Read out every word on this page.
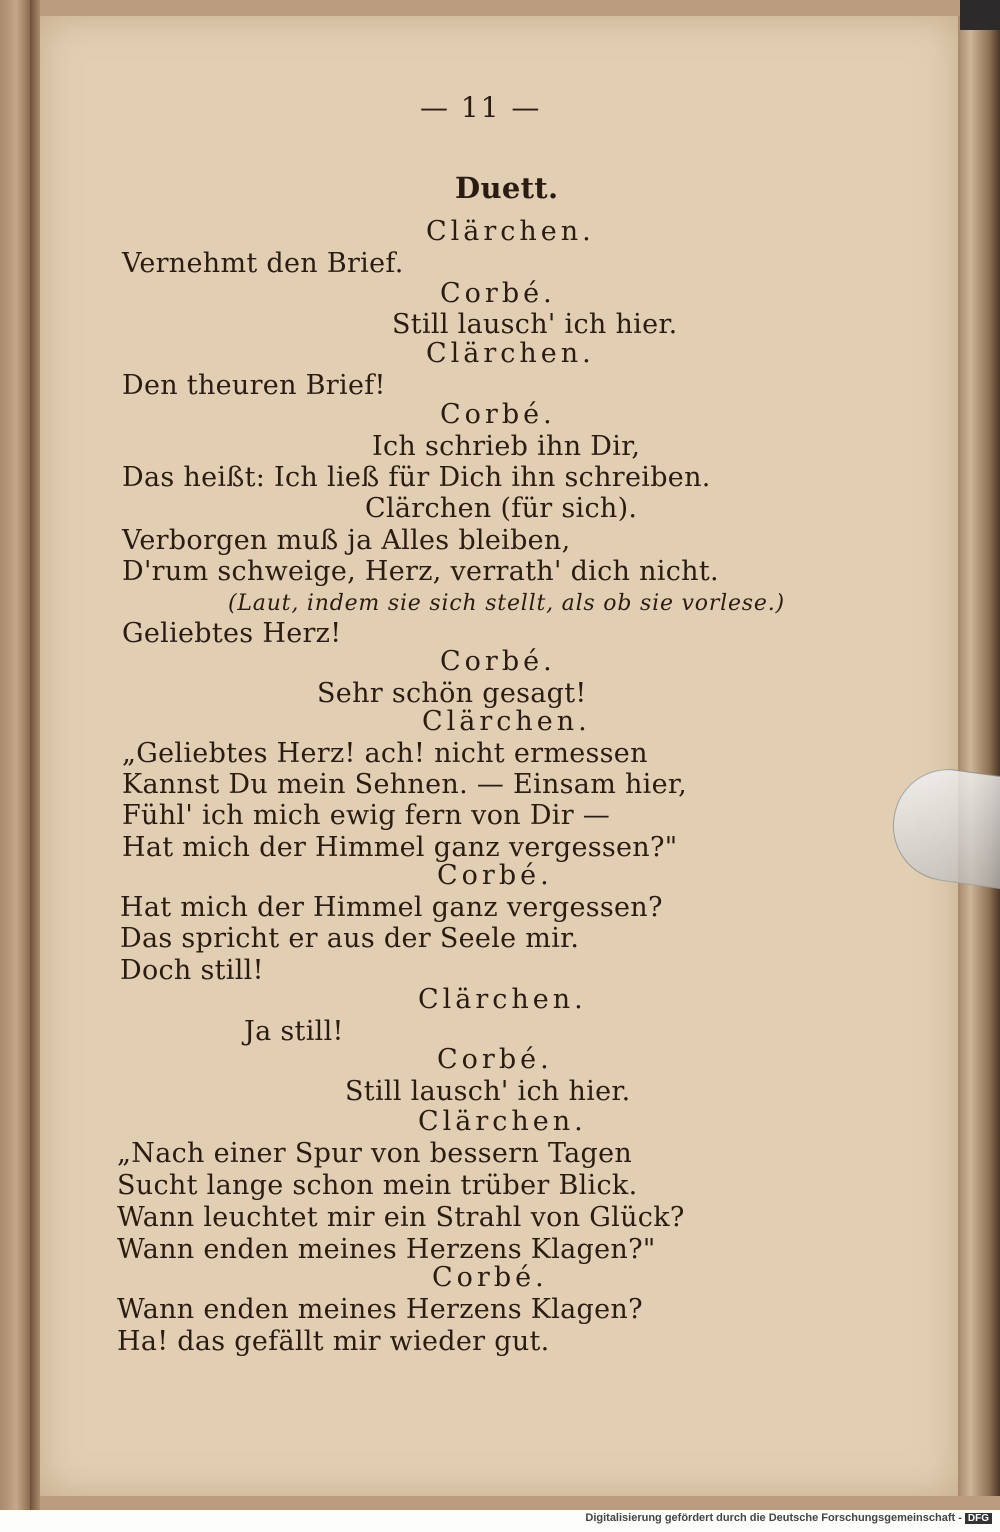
— 11 —
Duett.
Clärchen.
Vernehmt den Brief.
Corbé.
Still lausch' ich hier.
Clärchen.
Den theuren Brief!
Corbé.
Ich schrieb ihn Dir,
Das heißt: Ich ließ für Dich ihn schreiben.
Clärchen (für sich).
Verborgen muß ja Alles bleiben,
D'rum schweige, Herz, verrath' dich nicht.
(Laut, indem sie sich stellt, als ob sie vorlese.)
Geliebtes Herz!
Corbé.
Sehr schön gesagt!
Clärchen.
„Geliebtes Herz! ach! nicht ermessen
Kannst Du mein Sehnen. — Einsam hier,
Fühl' ich mich ewig fern von Dir —
Hat mich der Himmel ganz vergessen?"
Corbé.
Hat mich der Himmel ganz vergessen?
Das spricht er aus der Seele mir.
Doch still!
Clärchen.
Ja still!
Corbé.
Still lausch' ich hier.
Clärchen.
„Nach einer Spur von bessern Tagen
Sucht lange schon mein trüber Blick.
Wann leuchtet mir ein Strahl von Glück?
Wann enden meines Herzens Klagen?"
Corbé.
Wann enden meines Herzens Klagen?
Ha! das gefällt mir wieder gut.
Digitalisierung gefördert durch die Deutsche Forschungsgemeinschaft - DFG
